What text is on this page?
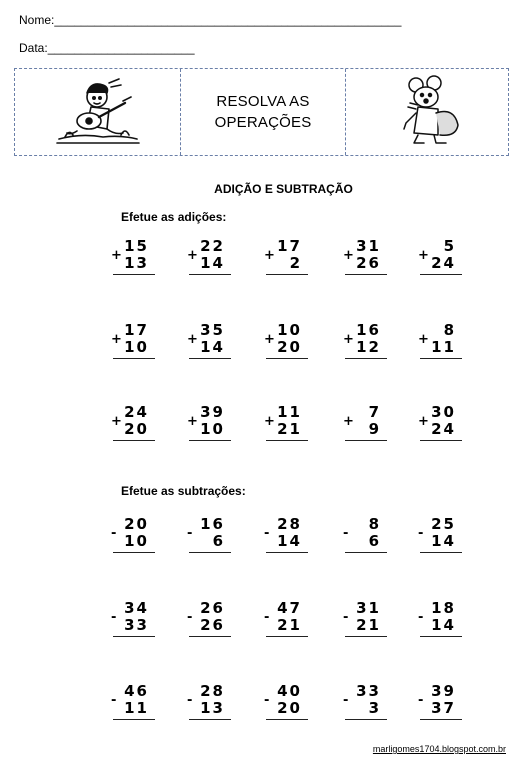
Nome:____________________________________________________
Data:______________________
RESOLVA AS
OPERAÇÕES
ADIÇÃO E SUBTRAÇÃO
Efetue as adições:
Efetue as subtrações:
+
15
13	+
22
14	+
17
2	+
31
26	+
5
24
+
17
10	+
35
14	+
10
20	+
16
12	+
8
11
+
24
20	+
39
10	+
11
21	+
7
9	+
30
24
-
20
10	-
16
6	-
28
14	-
8
6	-
25
14
-
34
33	-
26
26	-
47
21	-
31
21	-
18
14
-
46
11	-
28
13	-
40
20	-
33
3	-
39
37
marligomes1704.blogspot.com.br
